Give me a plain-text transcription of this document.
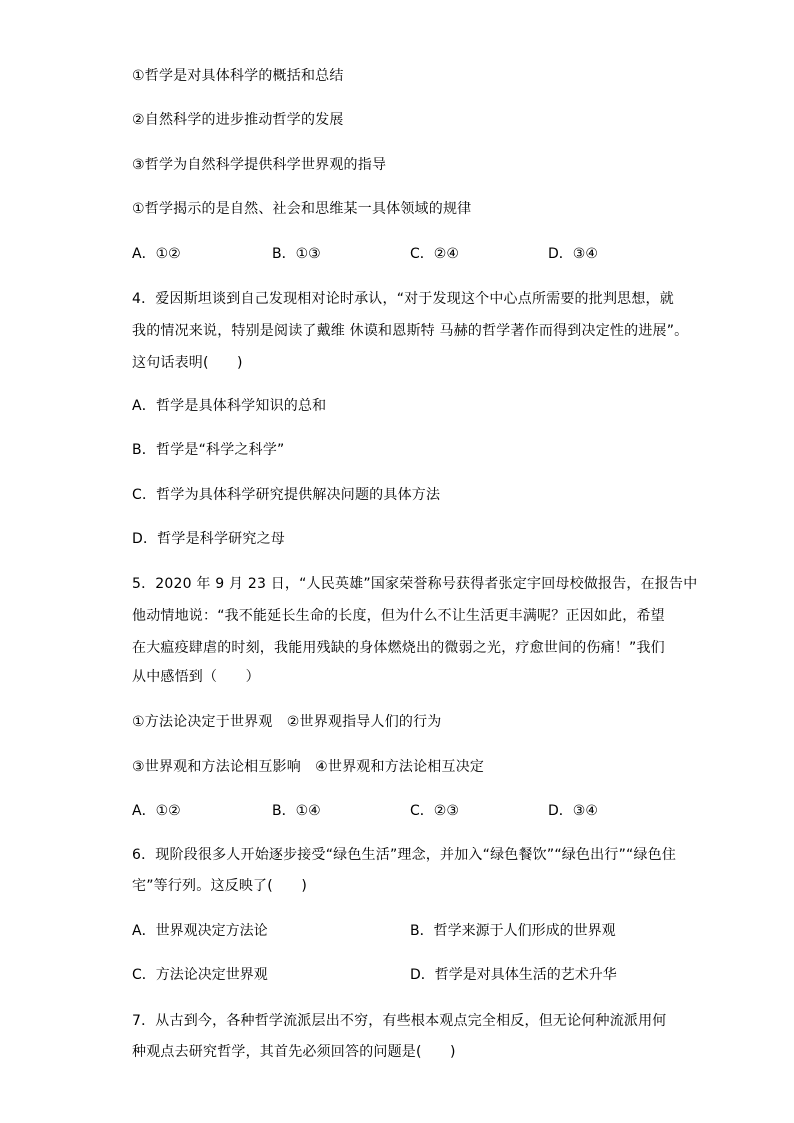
①哲学是对具体科学的概括和总结
②自然科学的进步推动哲学的发展
③哲学为自然科学提供科学世界观的指导
①哲学揭示的是自然、社会和思维某一具体领域的规律
A．①②	B．①③	C．②④	D．③④
4．爱因斯坦谈到自己发现相对论时承认，“对于发现这个中心点所需要的批判思想，就
我的情况来说，特别是阅读了戴维 休谟和恩斯特 马赫的哲学著作而得到决定性的进展”。
这句话表明(　　)
A．哲学是具体科学知识的总和
B．哲学是“科学之科学”
C．哲学为具体科学研究提供解决问题的具体方法
D．哲学是科学研究之母
5．2020 年 9 月 23 日，“人民英雄”国家荣誉称号获得者张定宇回母校做报告，在报告中
他动情地说：“我不能延长生命的长度，但为什么不让生活更丰满呢？正因如此，希望
在大瘟疫肆虐的时刻，我能用残缺的身体燃烧出的微弱之光，疗愈世间的伤痛！”我们
从中感悟到（　　）
①方法论决定于世界观　②世界观指导人们的行为
③世界观和方法论相互影响　④世界观和方法论相互决定
A．①②	B．①④	C．②③	D．③④
6．现阶段很多人开始逐步接受“绿色生活”理念，并加入“绿色餐饮”“绿色出行”“绿色住
宅”等行列。这反映了(　　)
A．世界观决定方法论	B．哲学来源于人们形成的世界观
C．方法论决定世界观	D．哲学是对具体生活的艺术升华
7．从古到今，各种哲学流派层出不穷，有些根本观点完全相反，但无论何种流派用何
种观点去研究哲学，其首先必须回答的问题是(　　)
